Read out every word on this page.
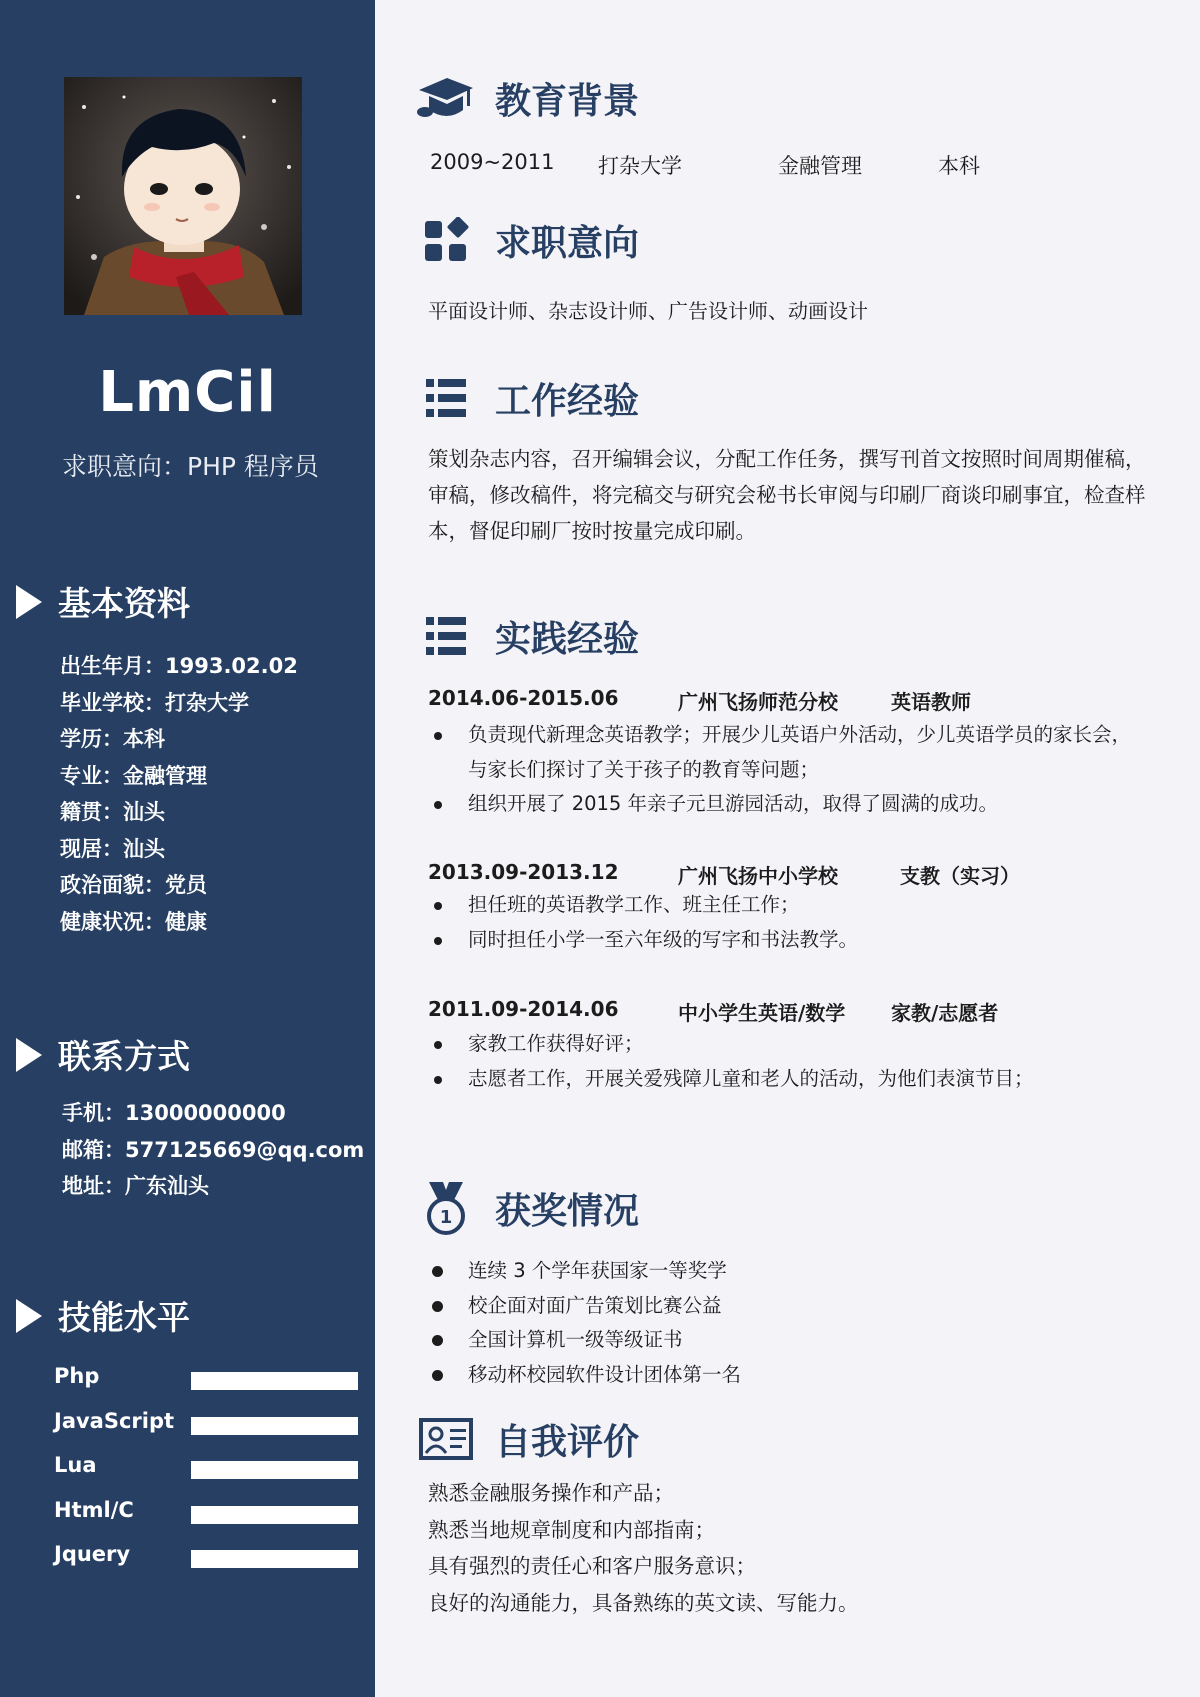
LmCil
求职意向：PHP 程序员
基本资料
出生年月：1993.02.02
毕业学校：打杂大学
学历：本科
专业：金融管理
籍贯：汕头
现居：汕头
政治面貌：党员
健康状况：健康
联系方式
手机：13000000000
邮箱：577125669@qq.com
地址：广东汕头
技能水平
Php
JavaScript
Lua
Html/C
Jquery
教育背景
2009~2011 打杂大学	金融管理	本科
求职意向
平面设计师、杂志设计师、广告设计师、动画设计
工作经验
策划杂志内容，召开编辑会议，分配工作任务，撰写刊首文按照时间周期催稿，审稿，修改稿件，将完稿交与研究会秘书长审阅与印刷厂商谈印刷事宜，检查样本，督促印刷厂按时按量完成印刷。
实践经验
2014.06-2015.06	广州飞扬师范分校	英语教师
负责现代新理念英语教学；开展少儿英语户外活动，少儿英语学员的家长会，与家长们探讨了关于孩子的教育等问题；
组织开展了 2015 年亲子元旦游园活动，取得了圆满的成功。
2013.09-2013.12	广州飞扬中小学校	支教（实习）
担任班的英语教学工作、班主任工作；
同时担任小学一至六年级的写字和书法教学。
2011.09-2014.06	中小学生英语/数学 家教/志愿者
家教工作获得好评；
志愿者工作，开展关爱残障儿童和老人的活动，为他们表演节目；
1 获奖情况
连续 3 个学年获国家一等奖学
校企面对面广告策划比赛公益
全国计算机一级等级证书
移动杯校园软件设计团体第一名
自我评价
熟悉金融服务操作和产品；
熟悉当地规章制度和内部指南；
具有强烈的责任心和客户服务意识；
良好的沟通能力，具备熟练的英文读、写能力。
